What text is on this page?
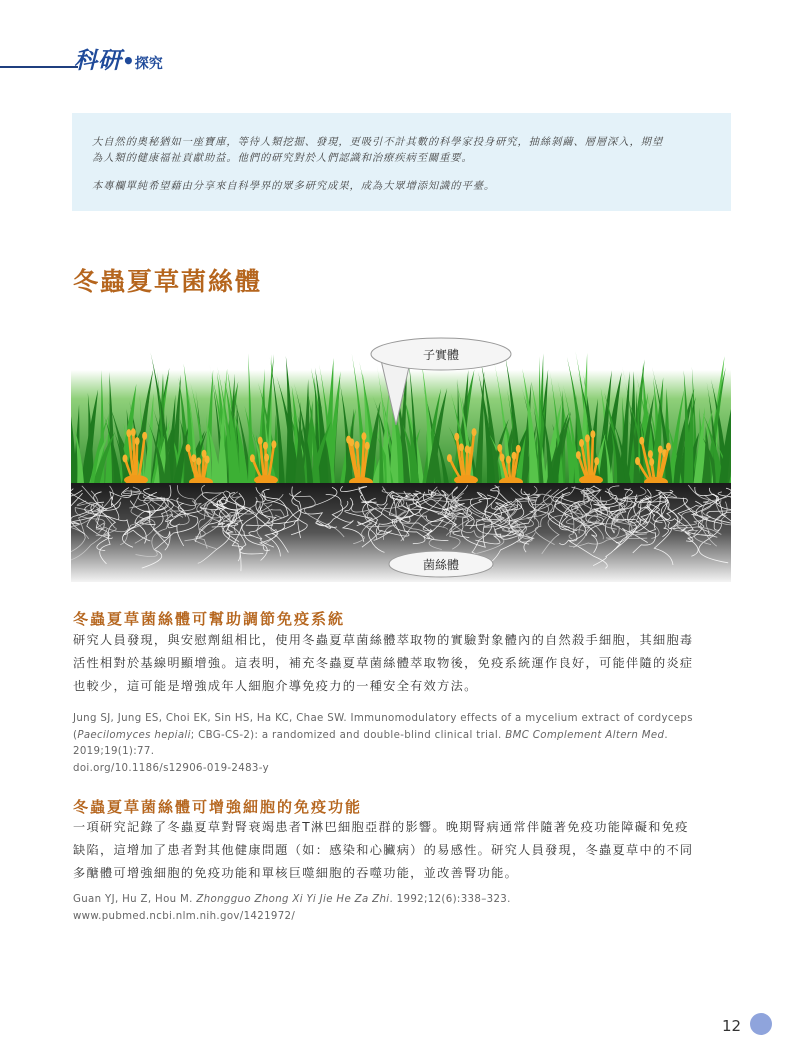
科研•探究

大自然的奧秘猶如一座寶庫，等待人類挖掘、發現，更吸引不計其數的科學家投身研究，抽絲剝繭、層層深入，期望

為人類的健康福祉貢獻助益。他們的研究對於人們認識和治療疾病至關重要。

本專欄單純希望藉由分享來自科學界的眾多研究成果，成為大眾增添知識的平臺。

冬蟲夏草菌絲體
子實體
菌絲體
冬蟲夏草菌絲體可幫助調節免疫系統
研究人員發現，與安慰劑組相比，使用冬蟲夏草菌絲體萃取物的實驗對象體內的自然殺手細胞，其細胞毒
活性相對於基線明顯增強。這表明，補充冬蟲夏草菌絲體萃取物後，免疫系統運作良好，可能伴隨的炎症
也較少，這可能是增強成年人細胞介導免疫力的一種安全有效方法。
Jung SJ, Jung ES, Choi EK, Sin HS, Ha KC, Chae SW. Immunomodulatory effects of a mycelium extract of cordyceps
(Paecilomyces hepiali; CBG-CS-2): a randomized and double-blind clinical trial. BMC Complement Altern Med. 2019;19(1):77.
doi.org/10.1186/s12906-019-2483-y
冬蟲夏草菌絲體可增強細胞的免疫功能
一項研究記錄了冬蟲夏草對腎衰竭患者T淋巴細胞亞群的影響。晚期腎病通常伴隨著免疫功能障礙和免疫
缺陷，這增加了患者對其他健康問題（如：感染和心臟病）的易感性。研究人員發現，冬蟲夏草中的不同
多醣體可增強細胞的免疫功能和單核巨噬細胞的吞噬功能，並改善腎功能。
Guan YJ, Hu Z, Hou M. Zhongguo Zhong Xi Yi Jie He Za Zhi. 1992;12(6):338–323. www.pubmed.ncbi.nlm.nih.gov/1421972/
12
